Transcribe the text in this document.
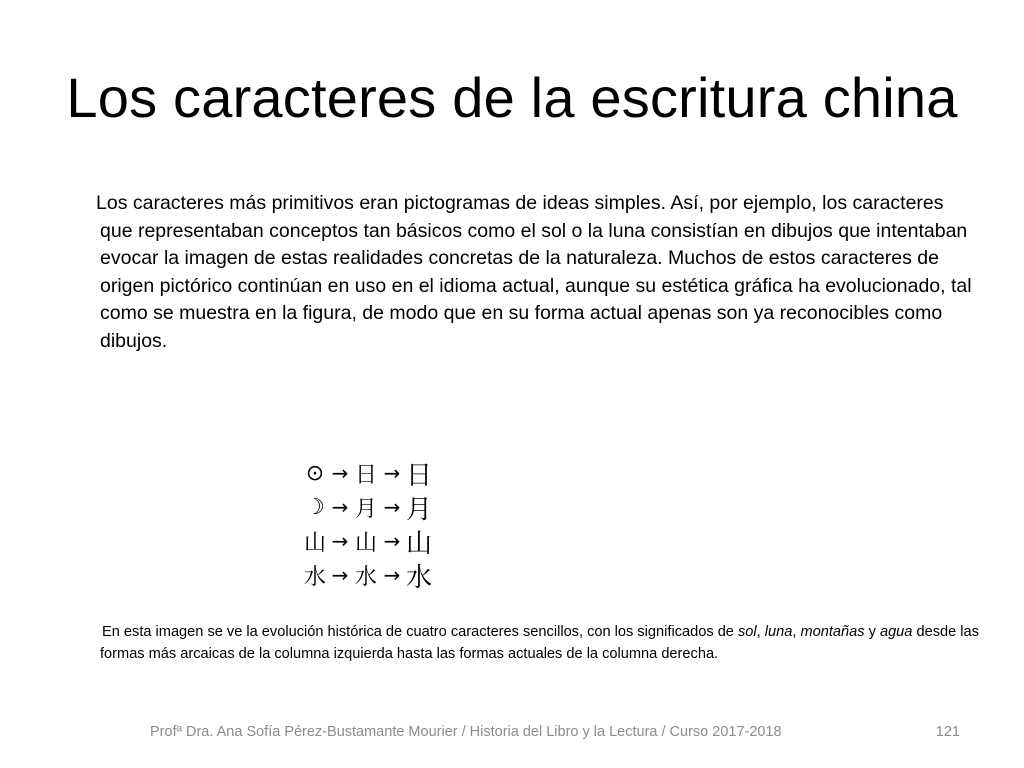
Los caracteres de la escritura china
Los caracteres más primitivos eran pictogramas de ideas simples. Así, por ejemplo, los caracteres que representaban conceptos tan básicos como el sol o la luna consistían en dibujos que intentaban evocar la imagen de estas realidades concretas de la naturaleza. Muchos de estos caracteres de origen pictórico continúan en uso en el idioma actual, aunque su estética gráfica ha evolucionado, tal como se muestra en la figura, de modo que en su forma actual apenas son ya reconocibles como dibujos.
⊙ → 日 → 日
☽ → 月 → 月
山 → 山 → 山
水 → 水 → 水
En esta imagen se ve la evolución histórica de cuatro caracteres sencillos, con los significados de sol, luna, montañas y agua desde las formas más arcaicas de la columna izquierda hasta las formas actuales de la columna derecha.
Profª Dra. Ana Sofía Pérez-Bustamante Mourier / Historia del Libro y la Lectura / Curso 2017-2018	121
